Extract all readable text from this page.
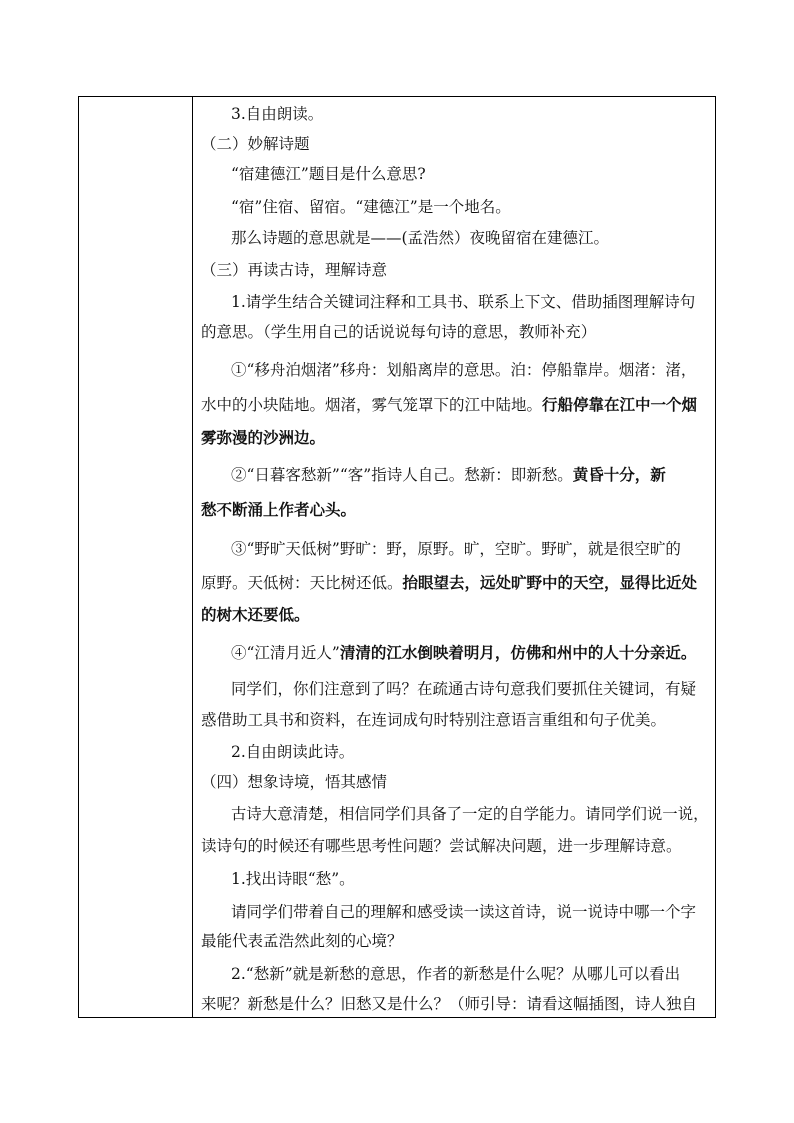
3.自由朗读。
（二）妙解诗题
“宿建德江”题目是什么意思?
“宿”住宿、留宿。“建德江”是一个地名。
那么诗题的意思就是——(孟浩然）夜晚留宿在建德江。
（三）再读古诗，理解诗意
1.请学生结合关键词注释和工具书、联系上下文、借助插图理解诗句
的意思。（学生用自己的话说说每句诗的意思，教师补充）
①“移舟泊烟渚”移舟：划船离岸的意思。泊：停船靠岸。烟渚：渚，
水中的小块陆地。烟渚，雾气笼罩下的江中陆地。行船停靠在江中一个烟
雾弥漫的沙洲边。
②“日暮客愁新”“客”指诗人自己。愁新：即新愁。黄昏十分，新
愁不断涌上作者心头。
③“野旷天低树”野旷：野，原野。旷，空旷。野旷，就是很空旷的
原野。天低树：天比树还低。抬眼望去，远处旷野中的天空，显得比近处
的树木还要低。
④“江清月近人”清清的江水倒映着明月，仿佛和州中的人十分亲近。
同学们，你们注意到了吗？在疏通古诗句意我们要抓住关键词，有疑
惑借助工具书和资料，在连词成句时特别注意语言重组和句子优美。
2.自由朗读此诗。
（四）想象诗境，悟其感情
古诗大意清楚，相信同学们具备了一定的自学能力。请同学们说一说，
读诗句的时候还有哪些思考性问题？尝试解决问题，进一步理解诗意。
1.找出诗眼“愁”。
请同学们带着自己的理解和感受读一读这首诗，说一说诗中哪一个字
最能代表孟浩然此刻的心境？
2.“愁新”就是新愁的意思，作者的新愁是什么呢？从哪儿可以看出
来呢？新愁是什么？旧愁又是什么？（师引导：请看这幅插图，诗人独自
